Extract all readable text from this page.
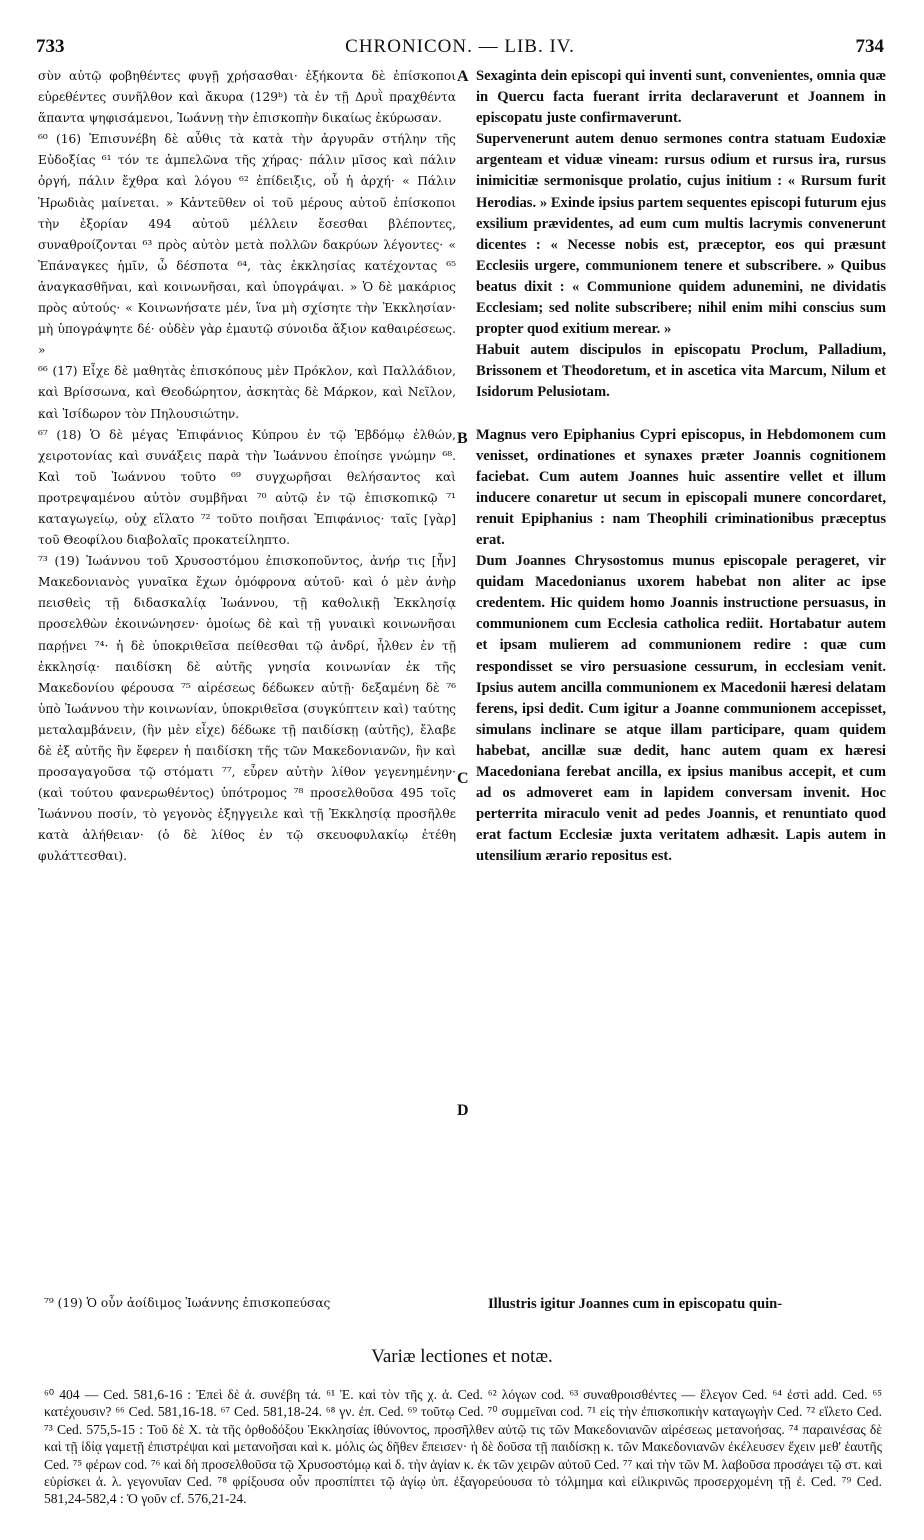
733	CHRONICON. — LIB. IV.	734

σὺν αὐτῷ φοβηθέντες φυγῇ χρήσασθαι· ἑξήκοντα δὲ ἐπίσκοποι εὑρεθέντες συνῆλθον καὶ ἄκυρα (129ᵇ) τὰ ἐν τῇ Δρυῒ πραχθέντα ἅπαντα ψηφισάμενοι, Ἰωάννῃ τὴν ἐπισκοπὴν δικαίως ἐκύρωσαν.

⁶⁰ (16) Ἐπισυνέβη δὲ αὖθις τὰ κατὰ τὴν ἀργυρᾶν στήλην τῆς Εὐδοξίας ⁶¹ τόν τε ἀμπελῶνα τῆς χήρας· πάλιν μῖσος καὶ πάλιν ὀργή, πάλιν ἔχθρα καὶ λόγου ⁶² ἐπίδειξις, οὗ ἡ ἀρχή· « Πάλιν Ἡρωδιὰς μαίνεται. » Κἀντεῦθεν οἱ τοῦ μέρους αὐτοῦ ἐπίσκοποι τὴν ἐξορίαν 494 αὐτοῦ μέλλειν ἔσεσθαι βλέποντες, συναθροίζονται ⁶³ πρὸς αὐτὸν μετὰ πολλῶν δακρύων λέγοντες· « Ἐπάναγκες ἡμῖν, ὦ δέσποτα ⁶⁴, τὰς ἐκκλησίας κατέχοντας ⁶⁵ ἀναγκασθῆναι, καὶ κοινωνῆσαι, καὶ ὑπογράψαι. » Ὁ δὲ μακάριος πρὸς αὐτούς· « Κοινωνήσατε μέν, ἵνα μὴ σχίσητε τὴν Ἐκκλησίαν· μὴ ὑπογράψητε δέ· οὐδὲν γὰρ ἐμαυτῷ σύνοιδα ἄξιον καθαιρέσεως. »

⁶⁶ (17) Εἶχε δὲ μαθητὰς ἐπισκόπους μὲν Πρόκλον, καὶ Παλλάδιον, καὶ Βρίσσωνα, καὶ Θεοδώρητον, ἀσκητὰς δὲ Μάρκον, καὶ Νεῖλον, καὶ Ἰσίδωρον τὸν Πηλουσιώτην.

⁶⁷ (18) Ὁ δὲ μέγας Ἐπιφάνιος Κύπρου ἐν τῷ Ἑβδόμῳ ἐλθών, χειροτονίας καὶ συνάξεις παρὰ τὴν Ἰωάννου ἐποίησε γνώμην ⁶⁸. Καὶ τοῦ Ἰωάννου τοῦτο ⁶⁹ συγχωρῆσαι θελήσαντος καὶ προτρεψαμένου αὐτὸν συμβῆναι ⁷⁰ αὐτῷ ἐν τῷ ἐπισκοπικῷ ⁷¹ καταγωγείῳ, οὐχ εἵλατο ⁷² τοῦτο ποιῆσαι Ἐπιφάνιος· ταῖς [γὰρ] τοῦ Θεοφίλου διαβολαῖς προκατείληπτο.

⁷³ (19) Ἰωάννου τοῦ Χρυσοστόμου ἐπισκοποῦντος, ἀνήρ τις [ἦν] Μακεδονιανὸς γυναῖκα ἔχων ὁμόφρονα αὐτοῦ· καὶ ὁ μὲν ἀνὴρ πεισθεὶς τῇ διδασκαλίᾳ Ἰωάννου, τῇ καθολικῇ Ἐκκλησίᾳ προσελθὼν ἐκοινώνησεν· ὁμοίως δὲ καὶ τῇ γυναικὶ κοινωνῆσαι παρῄνει ⁷⁴· ἡ δὲ ὑποκριθεῖσα πείθεσθαι τῷ ἀνδρί, ἦλθεν ἐν τῇ ἐκκλησίᾳ· παιδίσκη δὲ αὐτῆς γνησία κοινωνίαν ἐκ τῆς Μακεδονίου φέρουσα ⁷⁵ αἱρέσεως δέδωκεν αὐτῇ· δεξαμένη δὲ ⁷⁶ ὑπὸ Ἰωάννου τὴν κοινωνίαν, ὑποκριθεῖσα (συγκύπτειν καὶ) ταύτης μεταλαμβάνειν, (ἣν μὲν εἶχε) δέδωκε τῇ παιδίσκῃ (αὐτῆς), ἔλαβε δὲ ἐξ αὐτῆς ἣν ἔφερεν ἡ παιδίσκη τῆς τῶν Μακεδονιανῶν, ἣν καὶ προσαγαγοῦσα τῷ στόματι ⁷⁷, εὗρεν αὐτὴν λίθον γεγενημένην· (καὶ τούτου φανερωθέντος) ὑπότρομος ⁷⁸ προσελθοῦσα 495 τοῖς Ἰωάννου ποσίν, τὸ γεγονὸς ἐξηγγειλε καὶ τῇ Ἐκκλησίᾳ προσῆλθε κατὰ ἀλήθειαν· (ὁ δὲ λίθος ἐν τῷ σκευοφυλακίῳ ἐτέθη φυλάττεσθαι).

Sexaginta dein episcopi qui inventi sunt, convenientes, omnia quæ in Quercu facta fuerant irrita declaraverunt et Joannem in episcopatu juste confirmaverunt.

Supervenerunt autem denuo sermones contra statuam Eudoxiæ argenteam et viduæ vineam: rursus odium et rursus ira, rursus inimicitiæ sermonisque prolatio, cujus initium : « Rursum furit Herodias. » Exinde ipsius partem sequentes episcopi futurum ejus exsilium prævidentes, ad eum cum multis lacrymis convenerunt dicentes : « Necesse nobis est, præceptor, eos qui præsunt Ecclesiis urgere, communionem tenere et subscribere. » Quibus beatus dixit : « Communione quidem adunemini, ne dividatis Ecclesiam; sed nolite subscribere; nihil enim mihi conscius sum propter quod exitium merear. »

Habuit autem discipulos in episcopatu Proclum, Palladium, Brissonem et Theodoretum, et in ascetica vita Marcum, Nilum et Isidorum Pelusiotam.

Magnus vero Epiphanius Cypri episcopus, in Hebdomonem cum venisset, ordinationes et synaxes præter Joannis cognitionem faciebat. Cum autem Joannes huic assentire vellet et illum inducere conaretur ut secum in episcopali munere concordaret, renuit Epiphanius : nam Theophili criminationibus præceptus erat.

Dum Joannes Chrysostomus munus episcopale perageret, vir quidam Macedonianus uxorem habebat non aliter ac ipse credentem. Hic quidem homo Joannis instructione persuasus, in communionem cum Ecclesia catholica rediit. Hortabatur autem et ipsam mulierem ad communionem redire : quæ cum respondisset se viro persuasione cessurum, in ecclesiam venit. Ipsius autem ancilla communionem ex Macedonii hæresi delatam ferens, ipsi dedit. Cum igitur a Joanne communionem accepisset, simulans inclinare se atque illam participare, quam quidem habebat, ancillæ suæ dedit, hanc autem quam ex hæresi Macedoniana ferebat ancilla, ex ipsius manibus accepit, et cum ad os admoveret eam in lapidem conversam invenit. Hoc perterrita miraculo venit ad pedes Joannis, et renuntiato quod erat factum Ecclesiæ juxta veritatem adhæsit. Lapis autem in utensilium ærario repositus est.

A
B
C
D
⁷⁹ (19) Ὁ οὖν ἀοίδιμος Ἰωάννης ἐπισκοπεύσας	Illustris igitur Joannes cum in episcopatu quin-
Variæ lectiones et notæ.

⁶⁰ 404 — Ced. 581,6-16 : Ἐπεὶ δὲ ἀ. συνέβη τά. ⁶¹ Ἐ. καὶ τὸν τῆς χ. ἀ. Ced. ⁶² λόγων cod. ⁶³ συναθροισθέντες — ἔλεγον Ced. ⁶⁴ ἐστὶ add. Ced. ⁶⁵ κατέχουσιν? ⁶⁶ Ced. 581,16-18. ⁶⁷ Ced. 581,18-24. ⁶⁸ γν. ἐπ. Ced. ⁶⁹ τοῦτῳ Ced. ⁷⁰ συμμεῖναι cod. ⁷¹ εἰς τὴν ἐπισκοπικὴν καταγωγὴν Ced. ⁷² εἵλετο Ced. ⁷³ Ced. 575,5-15 : Τοῦ δὲ Χ. τὰ τῆς ὀρθοδόξου Ἐκκλησίας ἰθύνοντος, προσῆλθεν αὐτῷ τις τῶν Μακεδονιανῶν αἱρέσεως μετανοήσας. ⁷⁴ παραινέσας δὲ καὶ τῇ ἰδίᾳ γαμετῇ ἐπιστρέψαι καὶ μετανοῆσαι καὶ κ. μόλις ὡς δῆθεν ἔπεισεν· ἡ δὲ δοῦσα τῇ παιδίσκῃ κ. τῶν Μακεδονιανῶν ἐκέλευσεν ἔχειν μεθ' ἑαυτῆς Ced. ⁷⁵ φέρων cod. ⁷⁶ καὶ δὴ προσελθοῦσα τῷ Χρυσοστόμῳ καὶ δ. τὴν ἁγίαν κ. ἐκ τῶν χειρῶν αὐτοῦ Ced. ⁷⁷ καὶ τὴν τῶν Μ. λαβοῦσα προσάγει τῷ στ. καὶ εὑρίσκει ἀ. λ. γεγονυῖαν Ced. ⁷⁸ φρίξουσα οὖν προσπίπτει τῷ ἁγίῳ ὑπ. ἐξαγορεύουσα τὸ τόλμημα καὶ εἰλικρινῶς προσερχομένη τῇ ἐ. Ced. ⁷⁹ Ced. 581,24-582,4 : Ὁ γοῦν cf. 576,21-24.
